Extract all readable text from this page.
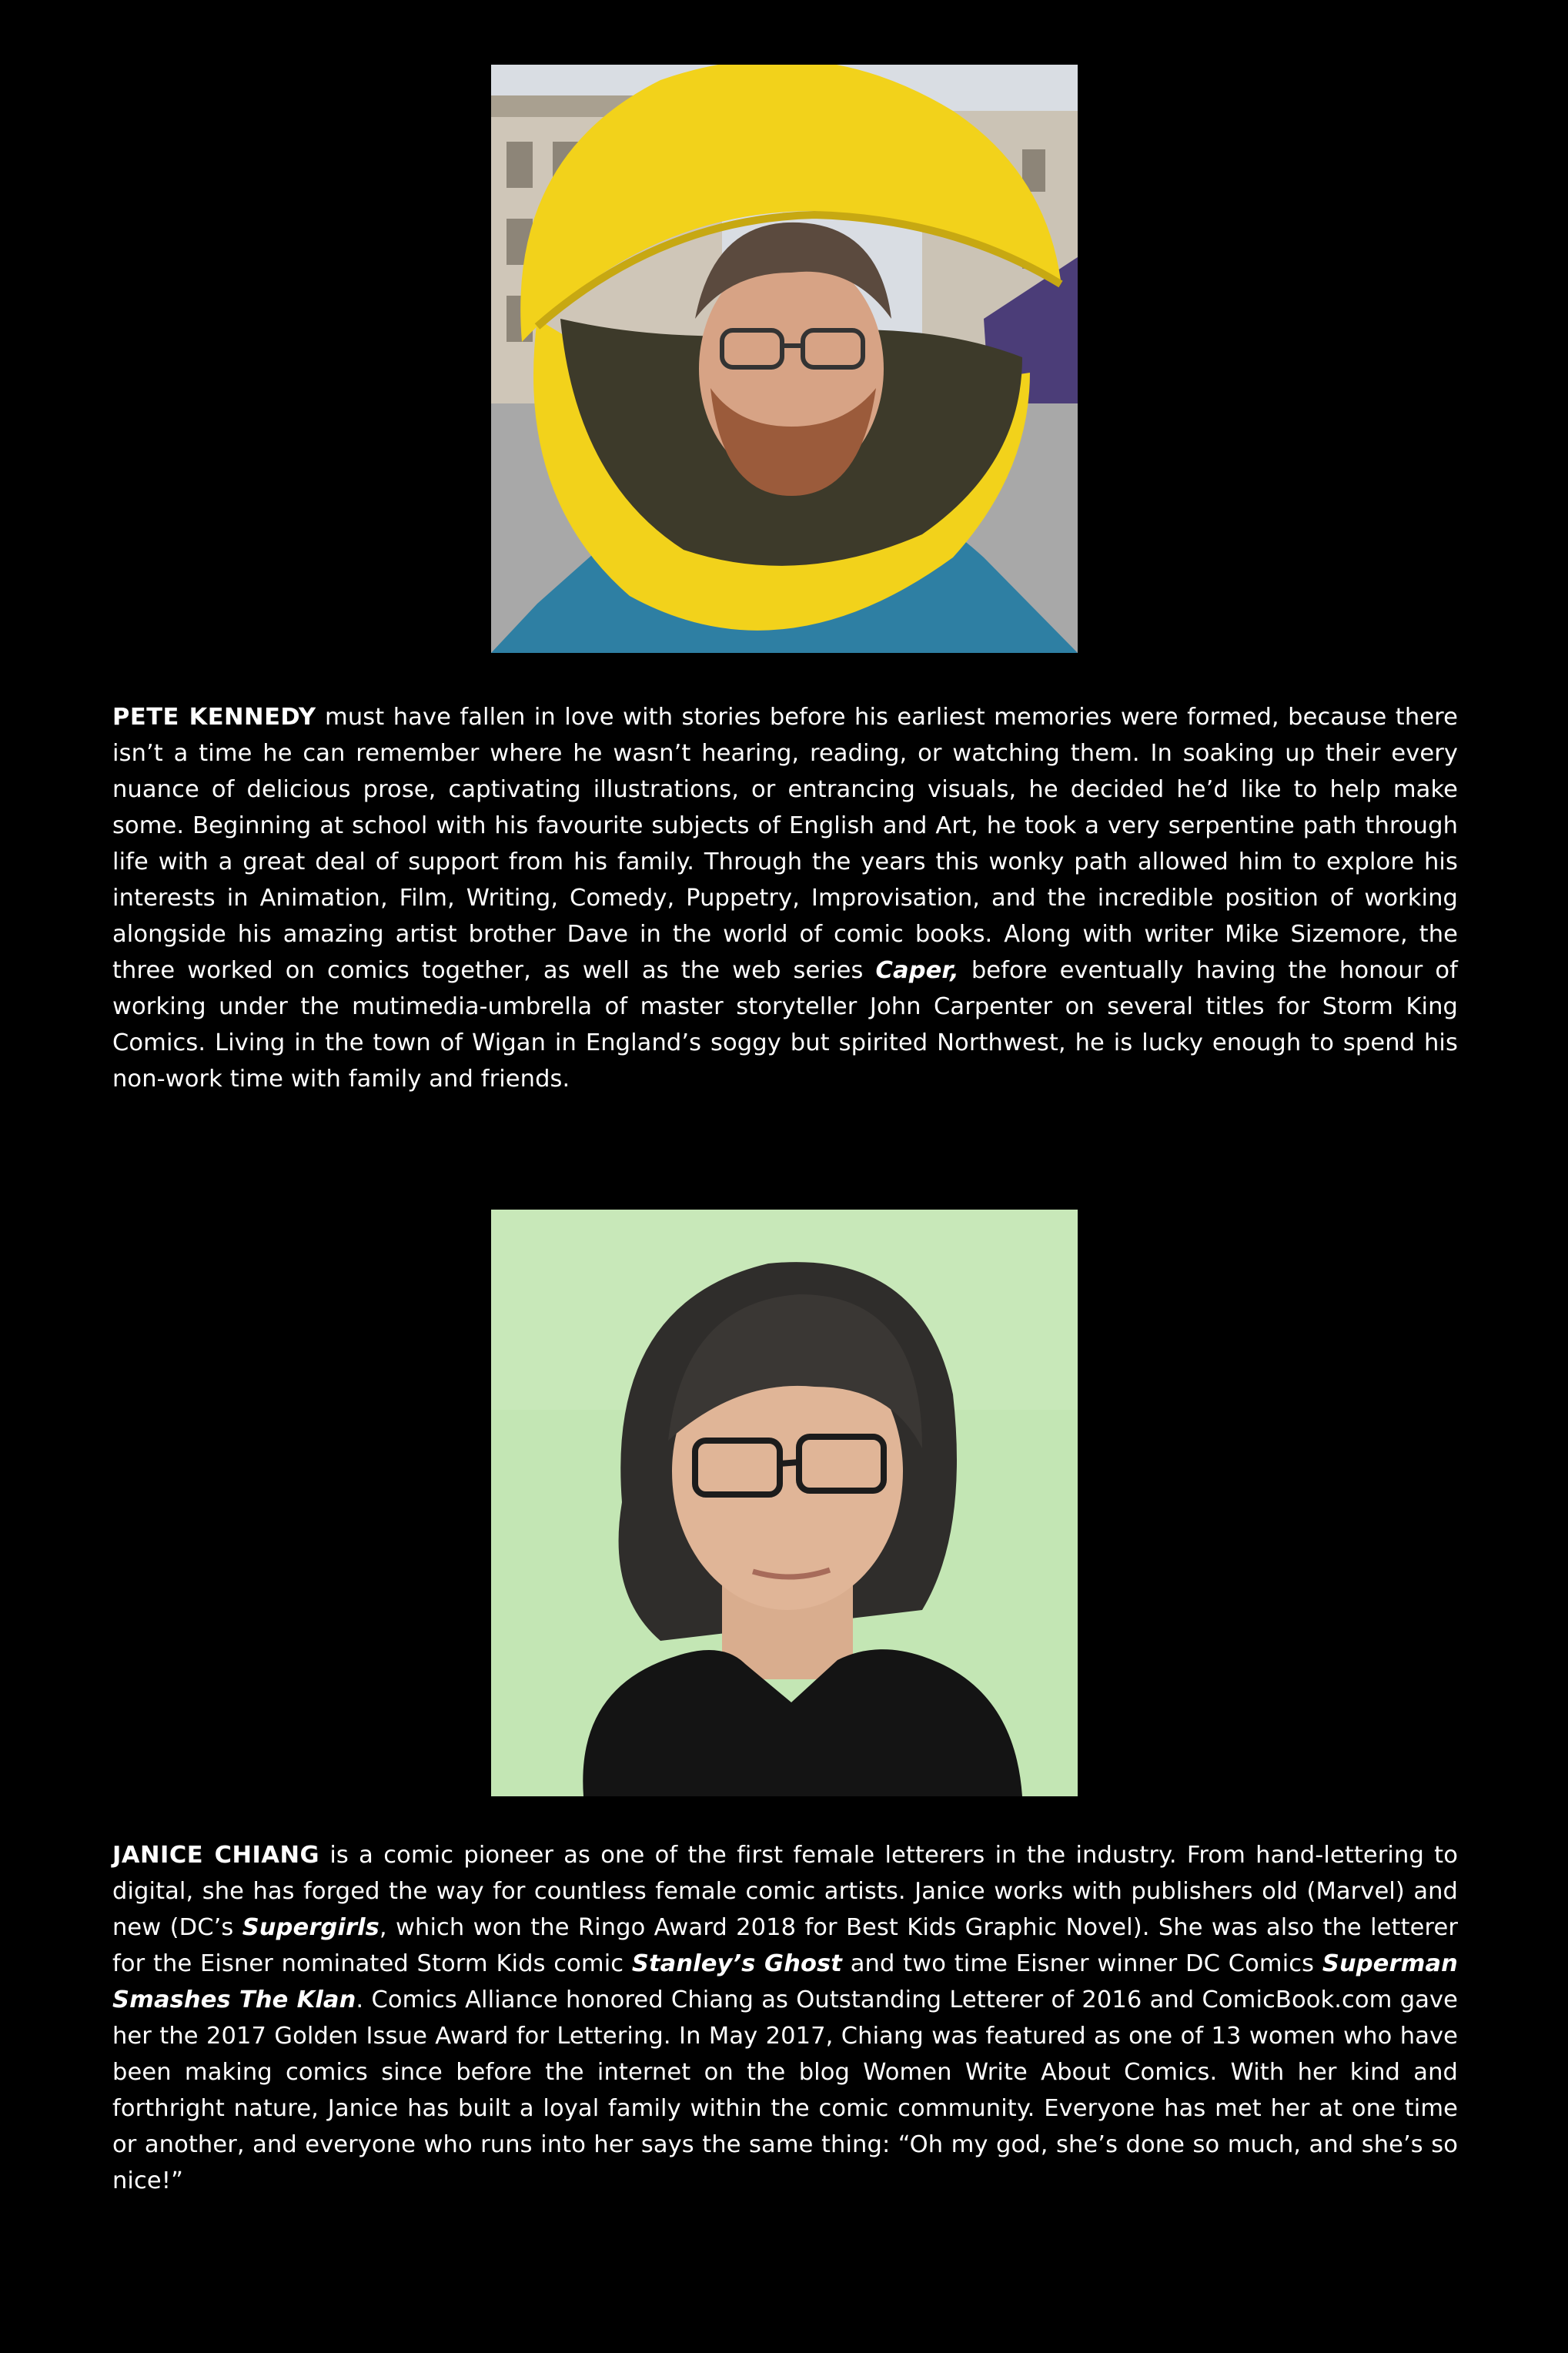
PETE KENNEDY must have fallen in love with stories before his earliest memories were formed, because there isn’t a time he can remember where he wasn’t hearing, reading, or watching them. In soaking up their every nuance of delicious prose, captivating illustrations, or entrancing visuals, he decided he’d like to help make some. Beginning at school with his favourite subjects of English and Art, he took a very serpentine path through life with a great deal of support from his family. Through the years this wonky path allowed him to explore his interests in Animation, Film, Writing, Comedy, Puppetry, Improvisation, and the incredible position of working alongside his amazing artist brother Dave in the world of comic books. Along with writer Mike Sizemore, the three worked on comics together, as well as the web series Caper, before eventually having the honour of working under the mutimedia-umbrella of master storyteller John Carpenter on several titles for Storm King Comics. Living in the town of Wigan in England’s soggy but spirited Northwest, he is lucky enough to spend his non-work time with family and friends.

JANICE CHIANG is a comic pioneer as one of the first female letterers in the industry. From hand-lettering to digital, she has forged the way for countless female comic artists. Janice works with publishers old (Marvel) and new (DC’s Supergirls, which won the Ringo Award 2018 for Best Kids Graphic Novel). She was also the letterer for the Eisner nominated Storm Kids comic Stanley’s Ghost and two time Eisner winner DC Comics Superman Smashes The Klan. Comics Alliance honored Chiang as Outstanding Letterer of 2016 and ComicBook.com gave her the 2017 Golden Issue Award for Lettering. In May 2017, Chiang was featured as one of 13 women who have been making comics since before the internet on the blog Women Write About Comics. With her kind and forthright nature, Janice has built a loyal family within the comic community. Everyone has met her at one time or another, and everyone who runs into her says the same thing: “Oh my god, she’s done so much, and she’s so nice!”
